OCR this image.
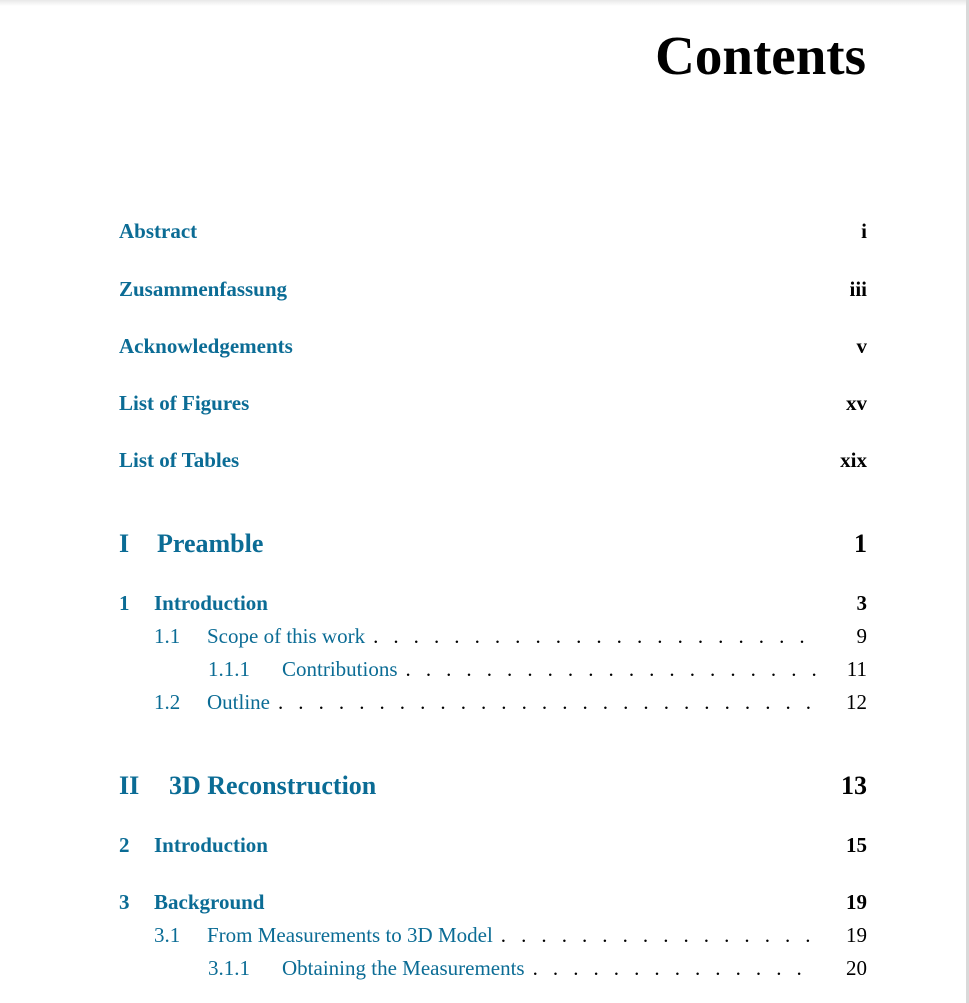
Contents
Abstract	i
Zusammenfassung	iii
Acknowledgements	v
List of Figures	xv
List of Tables	xix
I	Preamble	1
1	Introduction	3
1.1	Scope of this work . . .	9
1.1.1	Contributions . . .	11
1.2	Outline . . .	12
II	3D Reconstruction	13
2	Introduction	15
3	Background	19
3.1	From Measurements to 3D Model . . .	19
3.1.1	Obtaining the Measurements . . .	20
